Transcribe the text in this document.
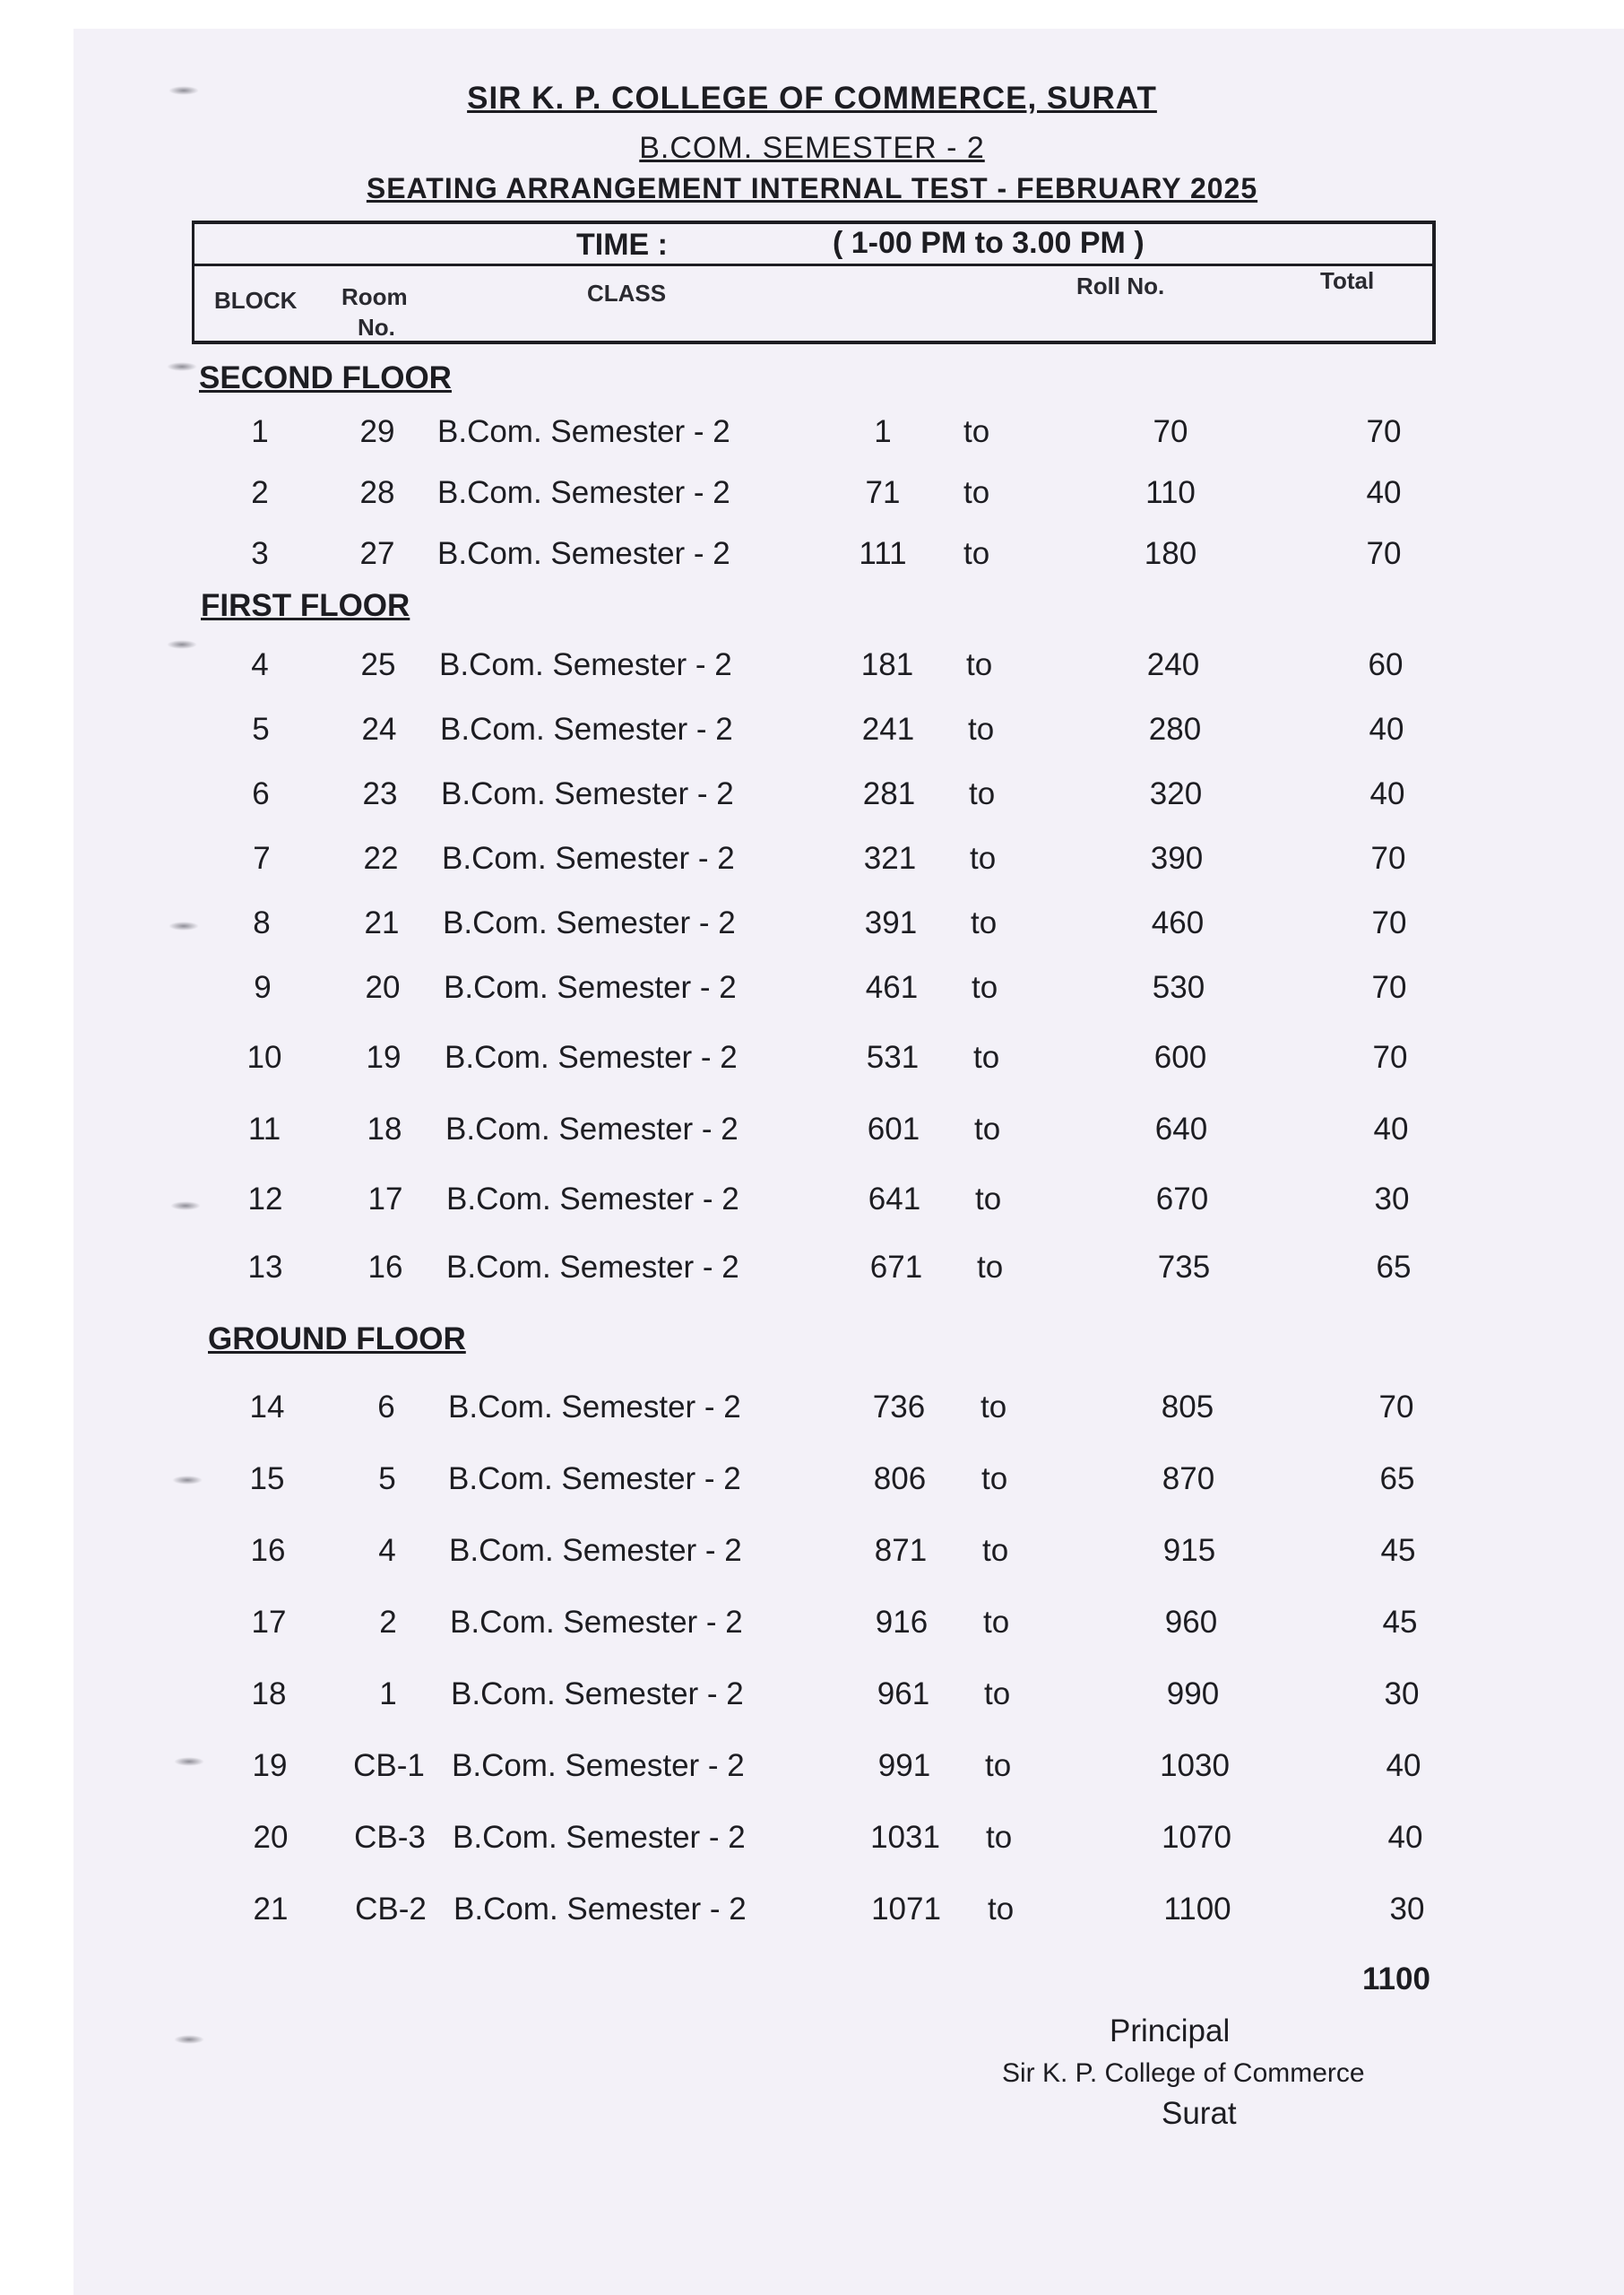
SIR K. P. COLLEGE OF COMMERCE, SURAT
B.COM. SEMESTER - 2
SEATING ARRANGEMENT INTERNAL TEST - FEBRUARY 2025
TIME :	( 1-00 PM to 3.00 PM )
BLOCK Room
No.
CLASS	Roll No.	Total
SECOND FLOOR
1	29	B.Com. Semester - 2	1	to	70	70
2	28	B.Com. Semester - 2	71	to	110	40
3	27	B.Com. Semester - 2	111	to	180	70
FIRST FLOOR
4	25	B.Com. Semester - 2	181	to	240	60
5	24	B.Com. Semester - 2	241	to	280	40
6	23	B.Com. Semester - 2	281	to	320	40
7	22	B.Com. Semester - 2	321	to	390	70
8	21	B.Com. Semester - 2	391	to	460	70
9	20	B.Com. Semester - 2	461	to	530	70
10	19	B.Com. Semester - 2	531	to	600	70
11	18	B.Com. Semester - 2	601	to	640	40
12	17	B.Com. Semester - 2	641	to	670	30
13	16	B.Com. Semester - 2	671	to	735	65
GROUND FLOOR
14	6	B.Com. Semester - 2	736	to	805	70
15	5	B.Com. Semester - 2	806	to	870	65
16	4	B.Com. Semester - 2	871	to	915	45
17	2	B.Com. Semester - 2	916	to	960	45
18	1	B.Com. Semester - 2	961	to	990	30
19	CB-1 B.Com. Semester - 2	991	to	1030	40
20	CB-3 B.Com. Semester - 2	1031	to	1070	40
21	CB-2 B.Com. Semester - 2	1071	to	1100	30
1100
Principal
Sir K. P. College of Commerce
Surat
